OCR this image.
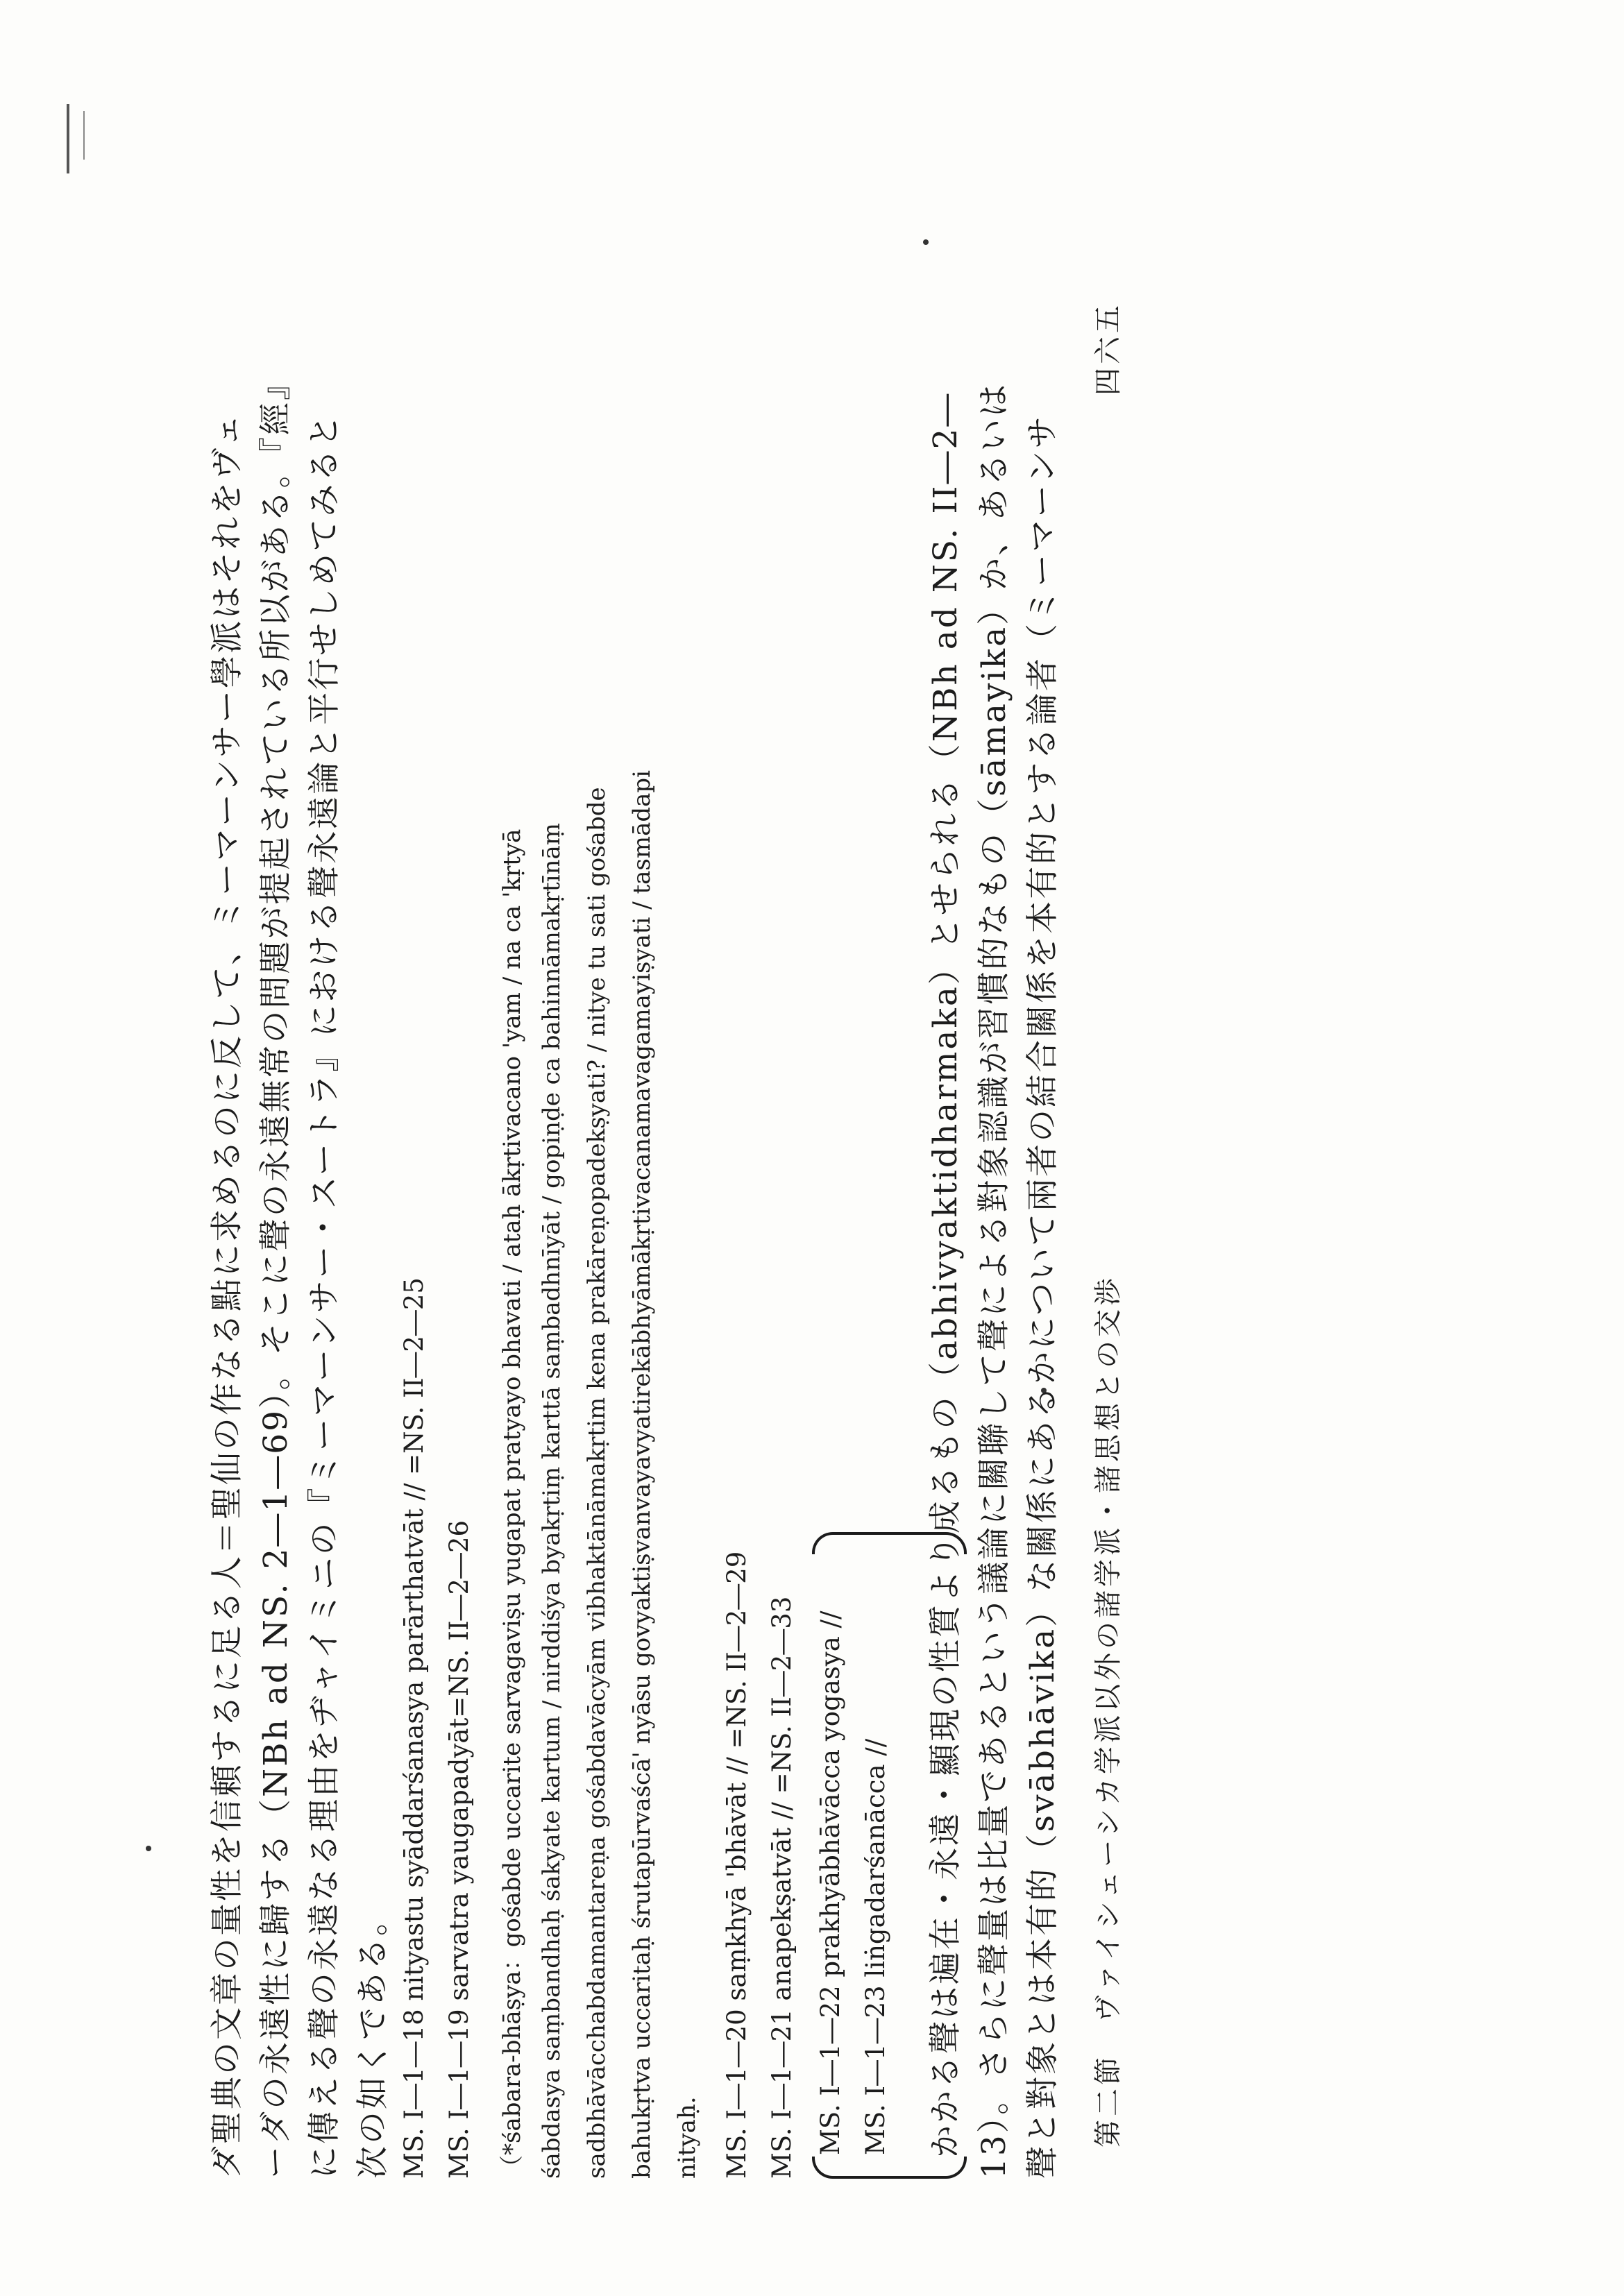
ダ聖典の文章の量性を信頼するに足る人＝聖仙の作なる點に求めるのに反して、ミーマーンサー學派はそれをヴェ ーダの永遠性に歸する（NBh ad NS. 2―1―69）。そこに聲の永遠無常の問題が提起されている所以がある。『經』 に傳える聲の永遠なる理由をヂャイミニの『ミーマーンサー・スートラ』における聲永遠論と平行せしめてみると 次の如くである。 MS. I―1―18 nityastu syāddarśanasya parārthatvāt // =NS. II―2―25 MS. I―1―19 sarvatra yaugapadyāt=NS. II―2―26 （*śabara-bhāṣya：gośabde uccarite sarvagaviṣu yugapat pratyayo bhavati / ataḥ ākṛtivacano 'yam / na ca 'kṛtyā śabdasya saṃbandhaḥ śakyate kartum / nirddiśya byakṛtiṃ karttā saṃbadhnīyāt / gopiṇḍe ca bahinnāmakṛtīnāṃ sadbhāvācchabdamantareṇa gośabdavācyām vibhaktānāmakṛtim kena prakāreṇopadekṣyati? / nitye tu sati gośabde bahukṛtva uccaritaḥ śrutapūrvaścā' nyāsu govyaktiṣvanvayavyatirekābhyāmākṛtivacanamavagamayiṣyati / tasmādapi nityaḥ. MS. I―1―20 saṃkhyā 'bhāvāt // =NS. II―2―29 MS. I―1―21 anapekṣatvāt // =NS. II―2―33 MS. I―1―22 prakhyābhāvācca yogasya // MS. I―1―23 liṅgadarśanācca // かかる聲は遍在・永遠・顯現の性質より成るもの（abhivyaktidharmaka）とせられる（NBh ad NS. II―2― 13）。さらに聲量は比量であるという議論に關聯して聲による對象認識が習慣的なもの（sāmayika）か、あるいは 聲と對象とは本有的（svābhāvika）な關係にあるかについて兩者の結合關係を本有的とする論者（ミーマーンサ 第二節　ヴァイシェーシカ学派以外の諸学派・諸思想との交渉
四六五
